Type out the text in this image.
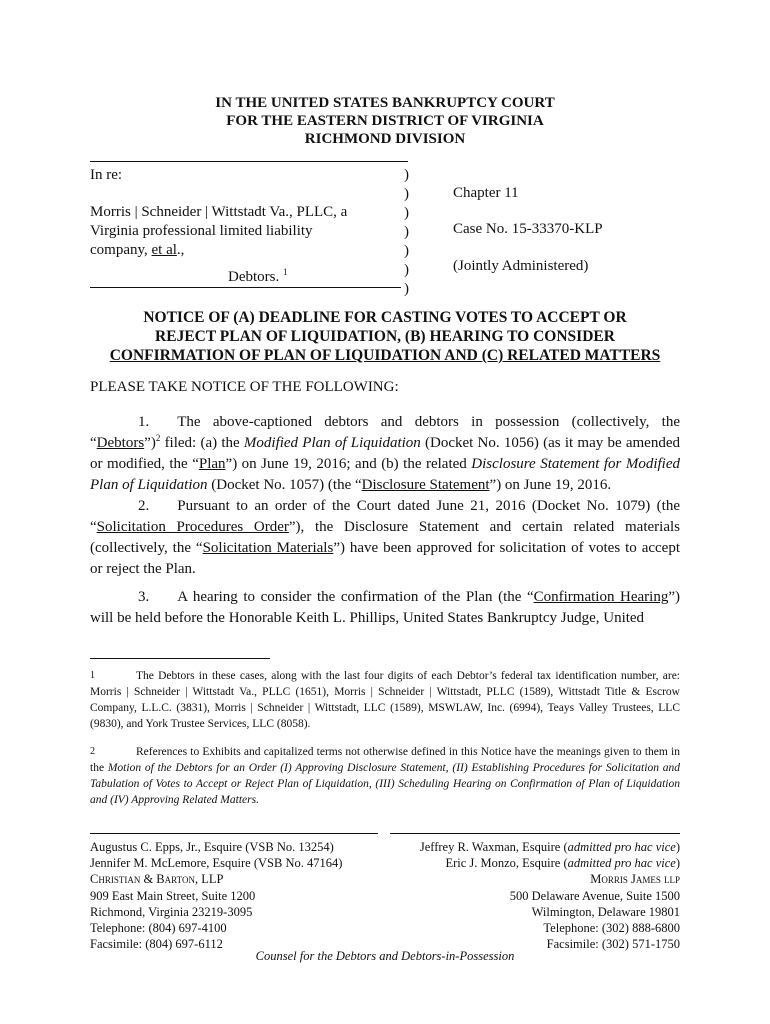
IN THE UNITED STATES BANKRUPTCY COURT
FOR THE EASTERN DISTRICT OF VIRGINIA
RICHMOND DIVISION
In re:
Morris | Schneider | Wittstadt Va., PLLC, a
Virginia professional limited liability
company, et al.,
Debtors. $^1$
)
)
)
)
)
)
)
Chapter 11
Case No. 15-33370-KLP
(Jointly Administered)
NOTICE OF (A) DEADLINE FOR CASTING VOTES TO ACCEPT OR
REJECT PLAN OF LIQUIDATION, (B) HEARING TO CONSIDER
CONFIRMATION OF PLAN OF LIQUIDATION AND (C) RELATED MATTERS
PLEASE TAKE NOTICE OF THE FOLLOWING:
1. The above-captioned debtors and debtors in possession (collectively, the “Debtors”)$^2$ filed: (a) the Modified Plan of Liquidation (Docket No. 1056) (as it may be amended or modified, the “Plan”) on June 19, 2016; and (b) the related Disclosure Statement for Modified Plan of Liquidation (Docket No. 1057) (the “Disclosure Statement”) on June 19, 2016.
2. Pursuant to an order of the Court dated June 21, 2016 (Docket No. 1079) (the “Solicitation Procedures Order”), the Disclosure Statement and certain related materials (collectively, the “Solicitation Materials”) have been approved for solicitation of votes to accept or reject the Plan.
3. A hearing to consider the confirmation of the Plan (the “Confirmation Hearing”) will be held before the Honorable Keith L. Phillips, United States Bankruptcy Judge, United
1	The Debtors in these cases, along with the last four digits of each Debtor’s federal tax identification number, are: Morris | Schneider | Wittstadt Va., PLLC (1651), Morris | Schneider | Wittstadt, PLLC (1589), Wittstadt Title & Escrow Company, L.L.C. (3831), Morris | Schneider | Wittstadt, LLC (1589), MSWLAW, Inc. (6994), Teays Valley Trustees, LLC (9830), and York Trustee Services, LLC (8058).
2	References to Exhibits and capitalized terms not otherwise defined in this Notice have the meanings given to them in the Motion of the Debtors for an Order (I) Approving Disclosure Statement, (II) Establishing Procedures for Solicitation and Tabulation of Votes to Accept or Reject Plan of Liquidation, (III) Scheduling Hearing on Confirmation of Plan of Liquidation and (IV) Approving Related Matters.
Augustus C. Epps, Jr., Esquire (VSB No. 13254)
Jennifer M. McLemore, Esquire (VSB No. 47164)
Christian & Barton, LLP
909 East Main Street, Suite 1200
Richmond, Virginia 23219-3095
Telephone: (804) 697-4100
Facsimile: (804) 697-6112
Jeffrey R. Waxman, Esquire (admitted pro hac vice)
Eric J. Monzo, Esquire (admitted pro hac vice)
Morris James llp
500 Delaware Avenue, Suite 1500
Wilmington, Delaware 19801
Telephone: (302) 888-6800
Facsimile: (302) 571-1750
Counsel for the Debtors and Debtors-in-Possession
